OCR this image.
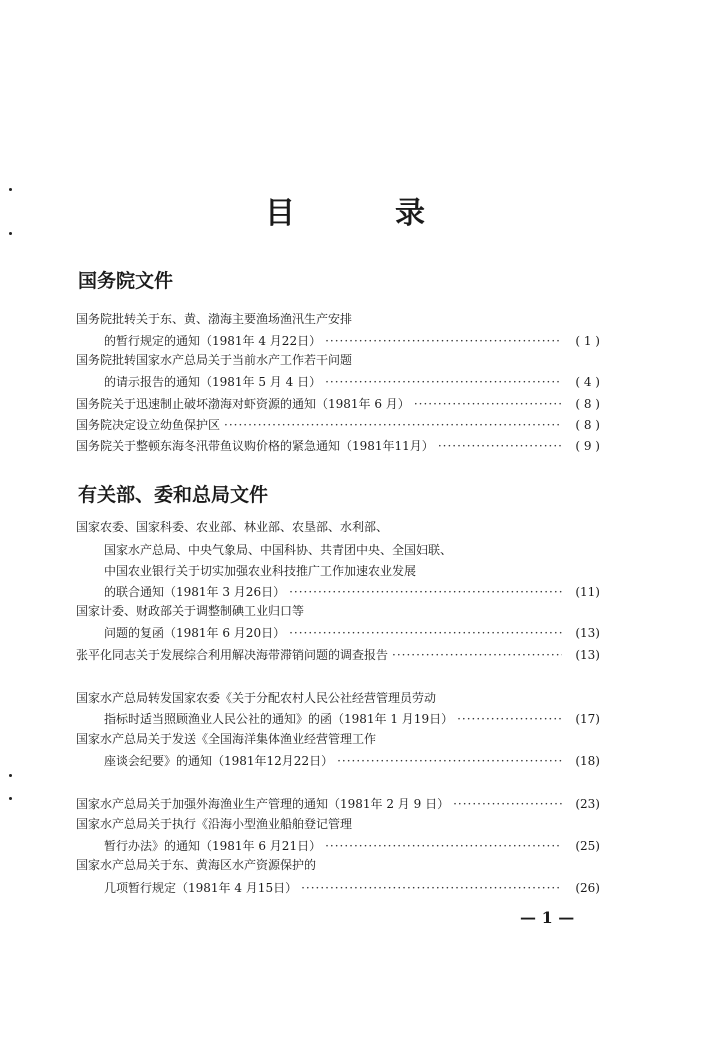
目	录
国务院文件
国务院批转关于东、黄、渤海主要渔场渔汛生产安排
的暂行规定的通知（1981年 4 月22日） ·····	( 1 )
国务院批转国家水产总局关于当前水产工作若干问题
的请示报告的通知（1981年 5 月 4 日） ·····	( 4 )
国务院关于迅速制止破坏渤海对虾资源的通知（1981年 6 月） ·····	( 8 )
国务院决定设立幼鱼保护区 ·····	( 8 )
国务院关于整顿东海冬汛带鱼议购价格的紧急通知（1981年11月） ·····	( 9 )
有关部、委和总局文件
国家农委、国家科委、农业部、林业部、农垦部、水利部、
国家水产总局、中央气象局、中国科协、共青团中央、全国妇联、
中国农业银行关于切实加强农业科技推广工作加速农业发展
的联合通知（1981年 3 月26日） ·····	(11)
国家计委、财政部关于调整制碘工业归口等
问题的复函（1981年 6 月20日） ·····	(13)
张平化同志关于发展综合利用解决海带滞销问题的调查报告 ·····	(13)
国家水产总局转发国家农委《关于分配农村人民公社经营管理员劳动
指标时适当照顾渔业人民公社的通知》的函（1981年 1 月19日） ·····	(17)
国家水产总局关于发送《全国海洋集体渔业经营管理工作
座谈会纪要》的通知（1981年12月22日） ·····	(18)
国家水产总局关于加强外海渔业生产管理的通知（1981年 2 月 9 日） ·····	(23)
国家水产总局关于执行《沿海小型渔业船舶登记管理
暂行办法》的通知（1981年 6 月21日） ·····	(25)
国家水产总局关于东、黄海区水产资源保护的
几项暂行规定（1981年 4 月15日） ·····	(26)
— 1 —
